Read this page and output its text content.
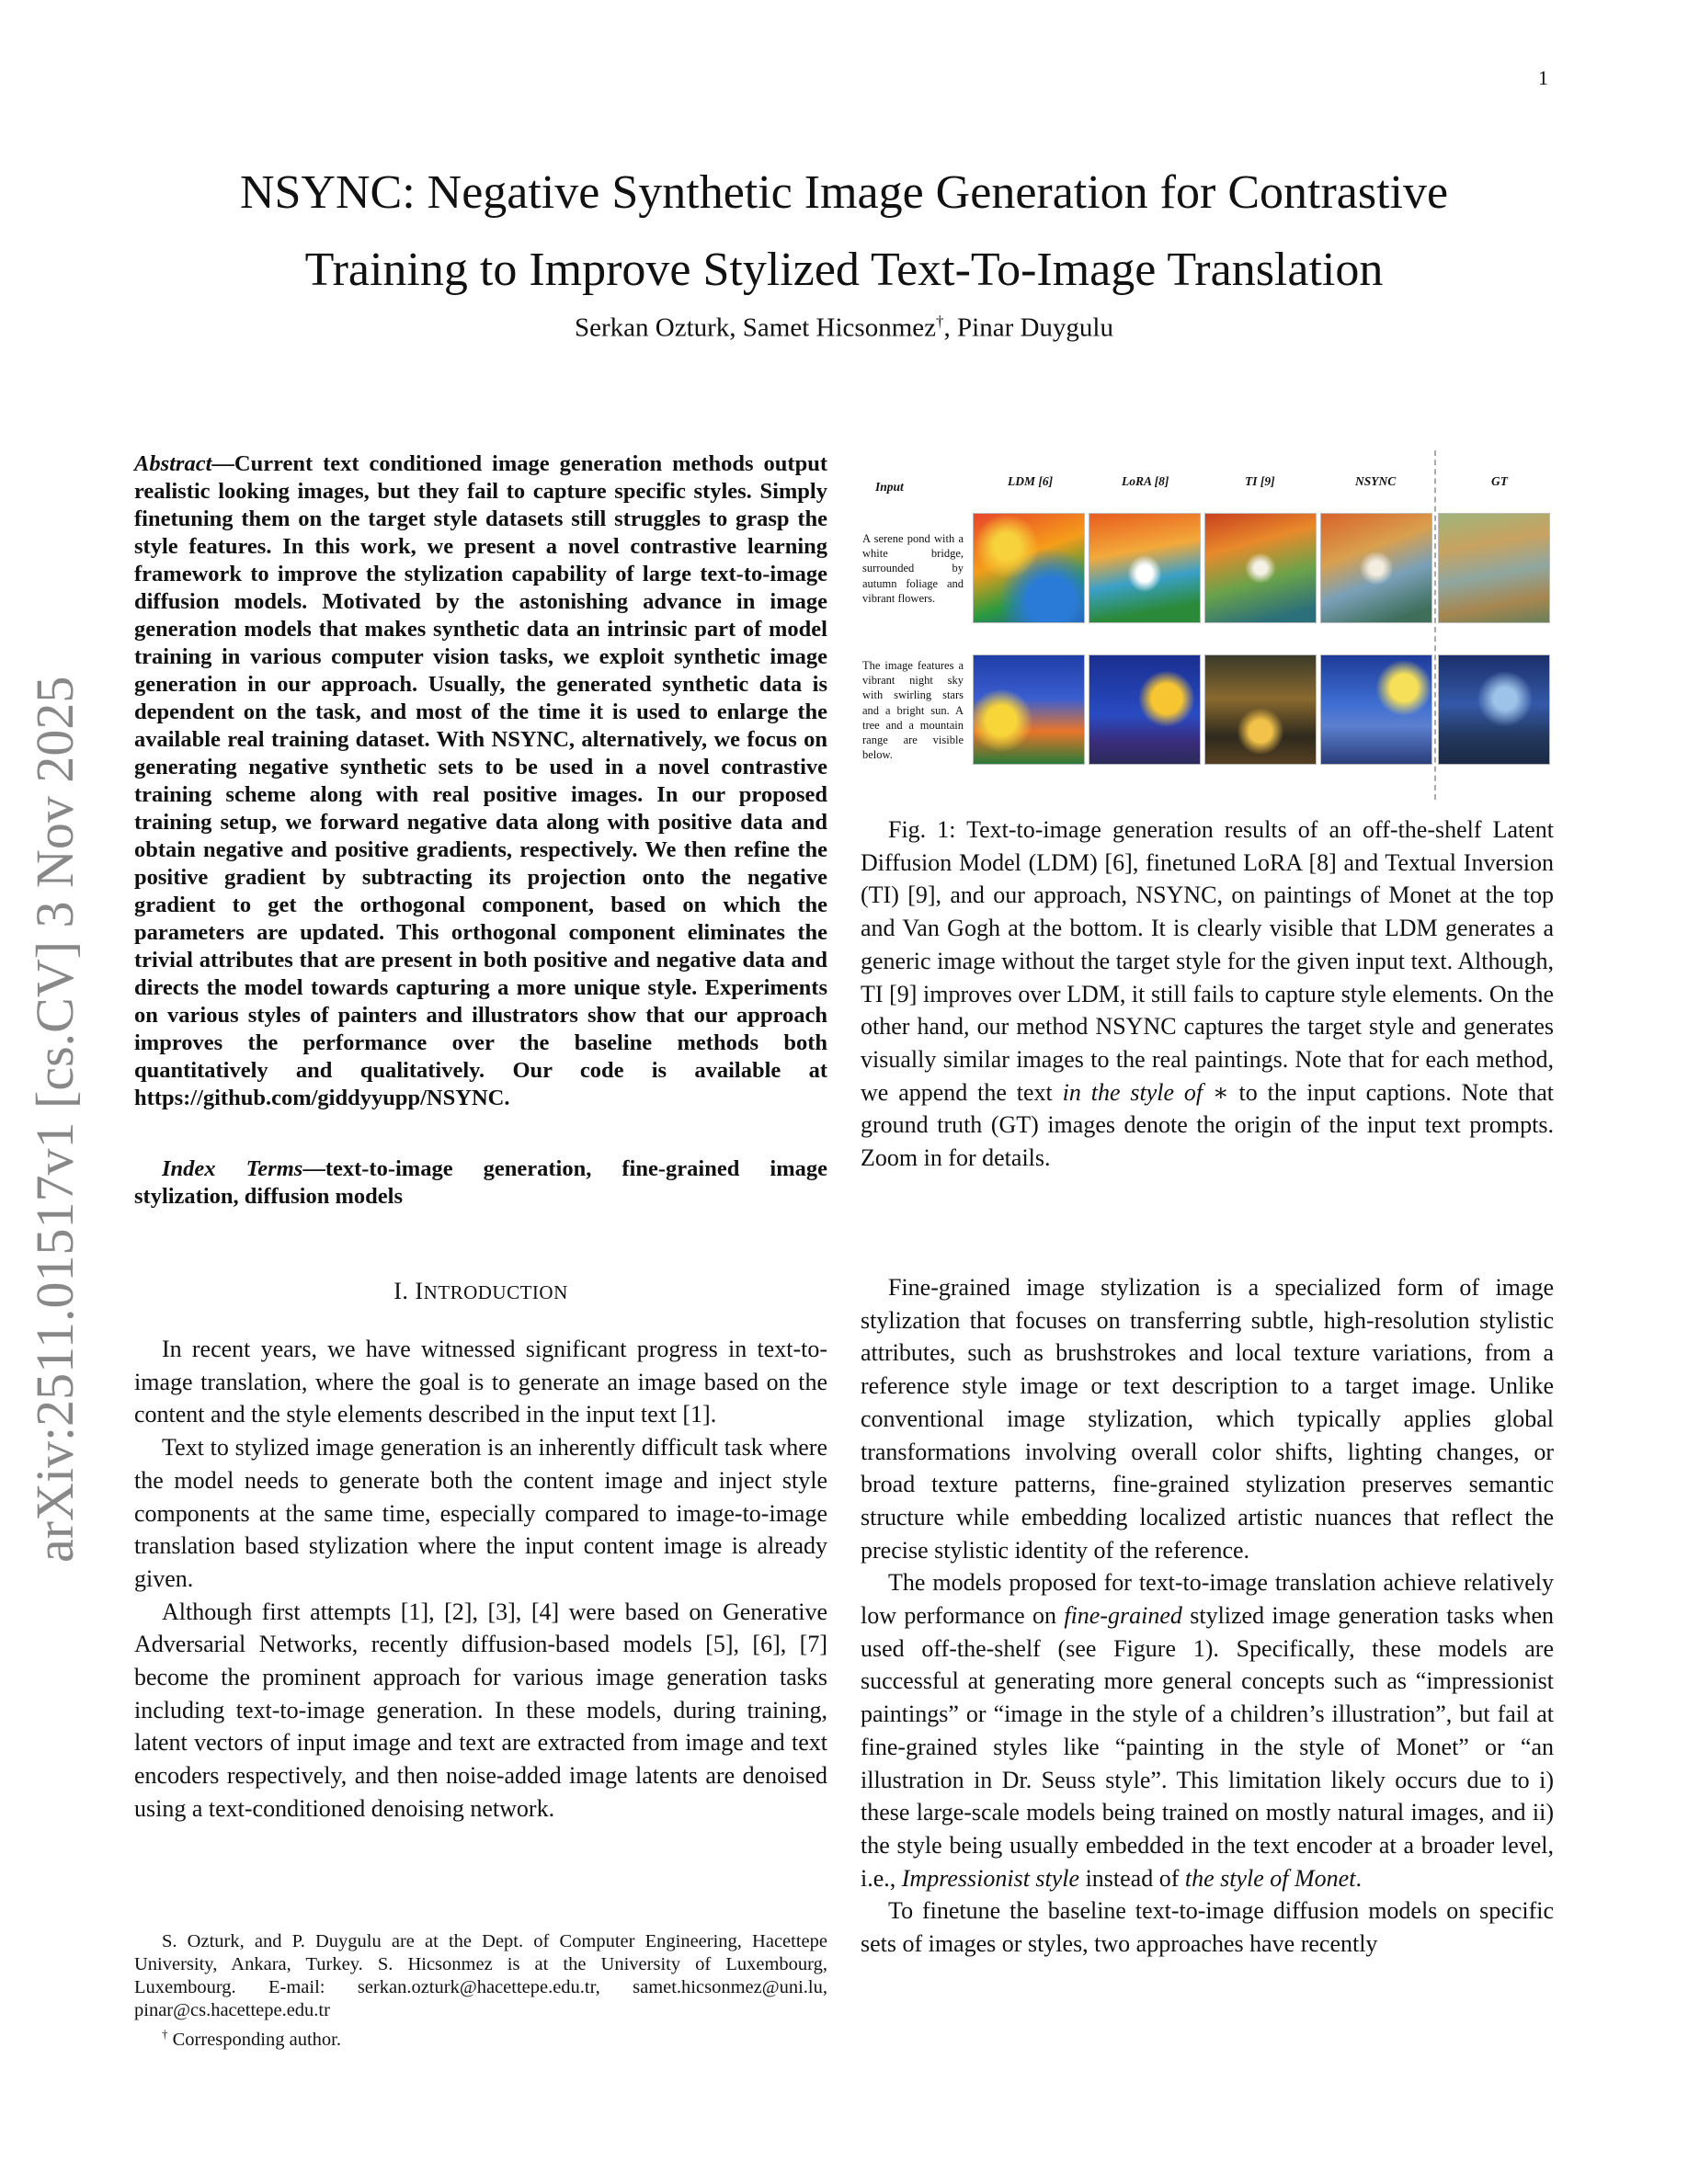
1
NSYNC: Negative Synthetic Image Generation for Contrastive
Training to Improve Stylized Text-To-Image Translation
Serkan Ozturk, Samet Hicsonmez†, Pinar Duygulu
arXiv:2511.01517v1 [cs.CV] 3 Nov 2025

Abstract—Current text conditioned image generation methods output realistic looking images, but they fail to capture specific styles. Simply finetuning them on the target style datasets still struggles to grasp the style features. In this work, we present a novel contrastive learning framework to improve the stylization capability of large text-to-image diffusion models. Motivated by the astonishing advance in image generation models that makes synthetic data an intrinsic part of model training in various computer vision tasks, we exploit synthetic image generation in our approach. Usually, the generated synthetic data is dependent on the task, and most of the time it is used to enlarge the available real training dataset. With NSYNC, alternatively, we focus on generating negative synthetic sets to be used in a novel contrastive training scheme along with real positive images. In our proposed training setup, we forward negative data along with positive data and obtain negative and positive gradients, respectively. We then refine the positive gradient by subtracting its projection onto the negative gradient to get the orthogonal component, based on which the parameters are updated. This orthogonal component eliminates the trivial attributes that are present in both positive and negative data and directs the model towards capturing a more unique style. Experiments on various styles of painters and illustrators show that our approach improves the performance over the baseline methods both quantitatively and qualitatively. Our code is available at https://github.com/giddyyupp/NSYNC.

Index Terms—text-to-image generation, fine-grained image stylization, diffusion models

I. INTRODUCTION

In recent years, we have witnessed significant progress in text-to-image translation, where the goal is to generate an image based on the content and the style elements described in the input text [1].

Text to stylized image generation is an inherently difficult task where the model needs to generate both the content image and inject style components at the same time, especially compared to image-to-image translation based stylization where the input content image is already given.

Although first attempts [1], [2], [3], [4] were based on Generative Adversarial Networks, recently diffusion-based models [5], [6], [7] become the prominent approach for various image generation tasks including text-to-image generation. In these models, during training, latent vectors of input image and text are extracted from image and text encoders respectively, and then noise-added image latents are denoised using a text-conditioned denoising network.

S. Ozturk, and P. Duygulu are at the Dept. of Computer Engineering, Hacettepe University, Ankara, Turkey. S. Hicsonmez is at the University of Luxembourg, Luxembourg. E-mail: serkan.ozturk@hacettepe.edu.tr, samet.hicsonmez@uni.lu, pinar@cs.hacettepe.edu.tr

† Corresponding author.

Input	LDM [6]	LoRA [8]	TI [9]	NSYNC	GT
A serene pond with a white bridge, surrounded by autumn foliage and vibrant flowers.
The image features a vibrant night sky with swirling stars and a bright sun. A tree and a mountain range are visible below.

Fig. 1: Text-to-image generation results of an off-the-shelf Latent Diffusion Model (LDM) [6], finetuned LoRA [8] and Textual Inversion (TI) [9], and our approach, NSYNC, on paintings of Monet at the top and Van Gogh at the bottom. It is clearly visible that LDM generates a generic image without the target style for the given input text. Although, TI [9] improves over LDM, it still fails to capture style elements. On the other hand, our method NSYNC captures the target style and generates visually similar images to the real paintings. Note that for each method, we append the text in the style of ∗ to the input captions. Note that ground truth (GT) images denote the origin of the input text prompts. Zoom in for details.

Fine-grained image stylization is a specialized form of image stylization that focuses on transferring subtle, high-resolution stylistic attributes, such as brushstrokes and local texture variations, from a reference style image or text description to a target image. Unlike conventional image stylization, which typically applies global transformations involving overall color shifts, lighting changes, or broad texture patterns, fine-grained stylization preserves semantic structure while embedding localized artistic nuances that reflect the precise stylistic identity of the reference.

The models proposed for text-to-image translation achieve relatively low performance on fine-grained stylized image generation tasks when used off-the-shelf (see Figure 1). Specifically, these models are successful at generating more general concepts such as “impressionist paintings” or “image in the style of a children’s illustration”, but fail at fine-grained styles like “painting in the style of Monet” or “an illustration in Dr. Seuss style”. This limitation likely occurs due to i) these large-scale models being trained on mostly natural images, and ii) the style being usually embedded in the text encoder at a broader level, i.e., Impressionist style instead of the style of Monet.

To finetune the baseline text-to-image diffusion models on specific sets of images or styles, two approaches have recently
